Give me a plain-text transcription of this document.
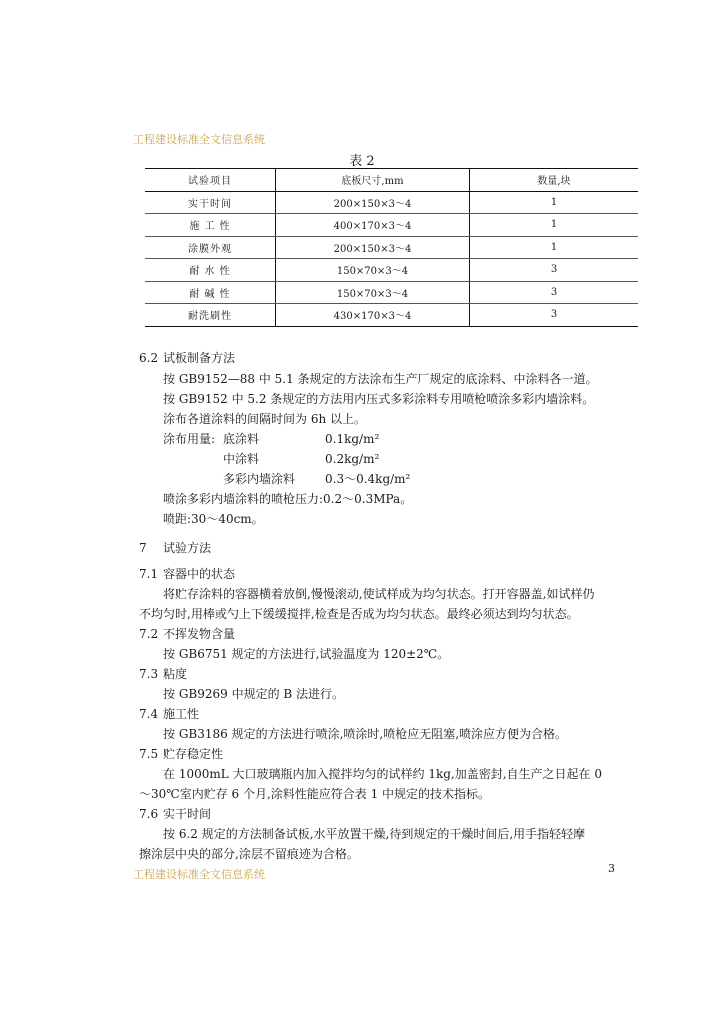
工程建设标准全文信息系统
表 2
试验项目	底板尺寸,mm	数量,块
实干时间	200×150×3～4	1
施 工 性	400×170×3～4	1
涂膜外观	200×150×3～4	1
耐 水 性	150×70×3～4	3
耐 碱 性	150×70×3～4	3
耐洗刷性	430×170×3～4	3
6.2 试板制备方法
按 GB9152—88 中 5.1 条规定的方法涂布生产厂规定的底涂料、中涂料各一道。
按 GB9152 中 5.2 条规定的方法用内压式多彩涂料专用喷枪喷涂多彩内墙涂料。
涂布各道涂料的间隔时间为 6h 以上。
涂布用量: 底涂料	0.1kg/m²
中涂料	0.2kg/m²
多彩内墙涂料 0.3～0.4kg/m²
喷涂多彩内墙涂料的喷枪压力:0.2～0.3MPa。
喷距:30～40cm。
7 试验方法
7.1 容器中的状态
将贮存涂料的容器横着放倒,慢慢滚动,使试样成为均匀状态。打开容器盖,如试样仍
不均匀时,用棒或勺上下缓缓搅拌,检查是否成为均匀状态。最终必须达到均匀状态。
7.2 不挥发物含量
按 GB6751 规定的方法进行,试验温度为 120±2℃。
7.3 粘度
按 GB9269 中规定的 B 法进行。
7.4 施工性
按 GB3186 规定的方法进行喷涂,喷涂时,喷枪应无阻塞,喷涂应方便为合格。
7.5 贮存稳定性
在 1000mL 大口玻璃瓶内加入搅拌均匀的试样约 1kg,加盖密封,自生产之日起在 0
～30℃室内贮存 6 个月,涂料性能应符合表 1 中规定的技术指标。
7.6 实干时间
按 6.2 规定的方法制备试板,水平放置干燥,待到规定的干燥时间后,用手指轻轻摩
擦涂层中央的部分,涂层不留痕迹为合格。
工程建设标准全文信息系统	3
